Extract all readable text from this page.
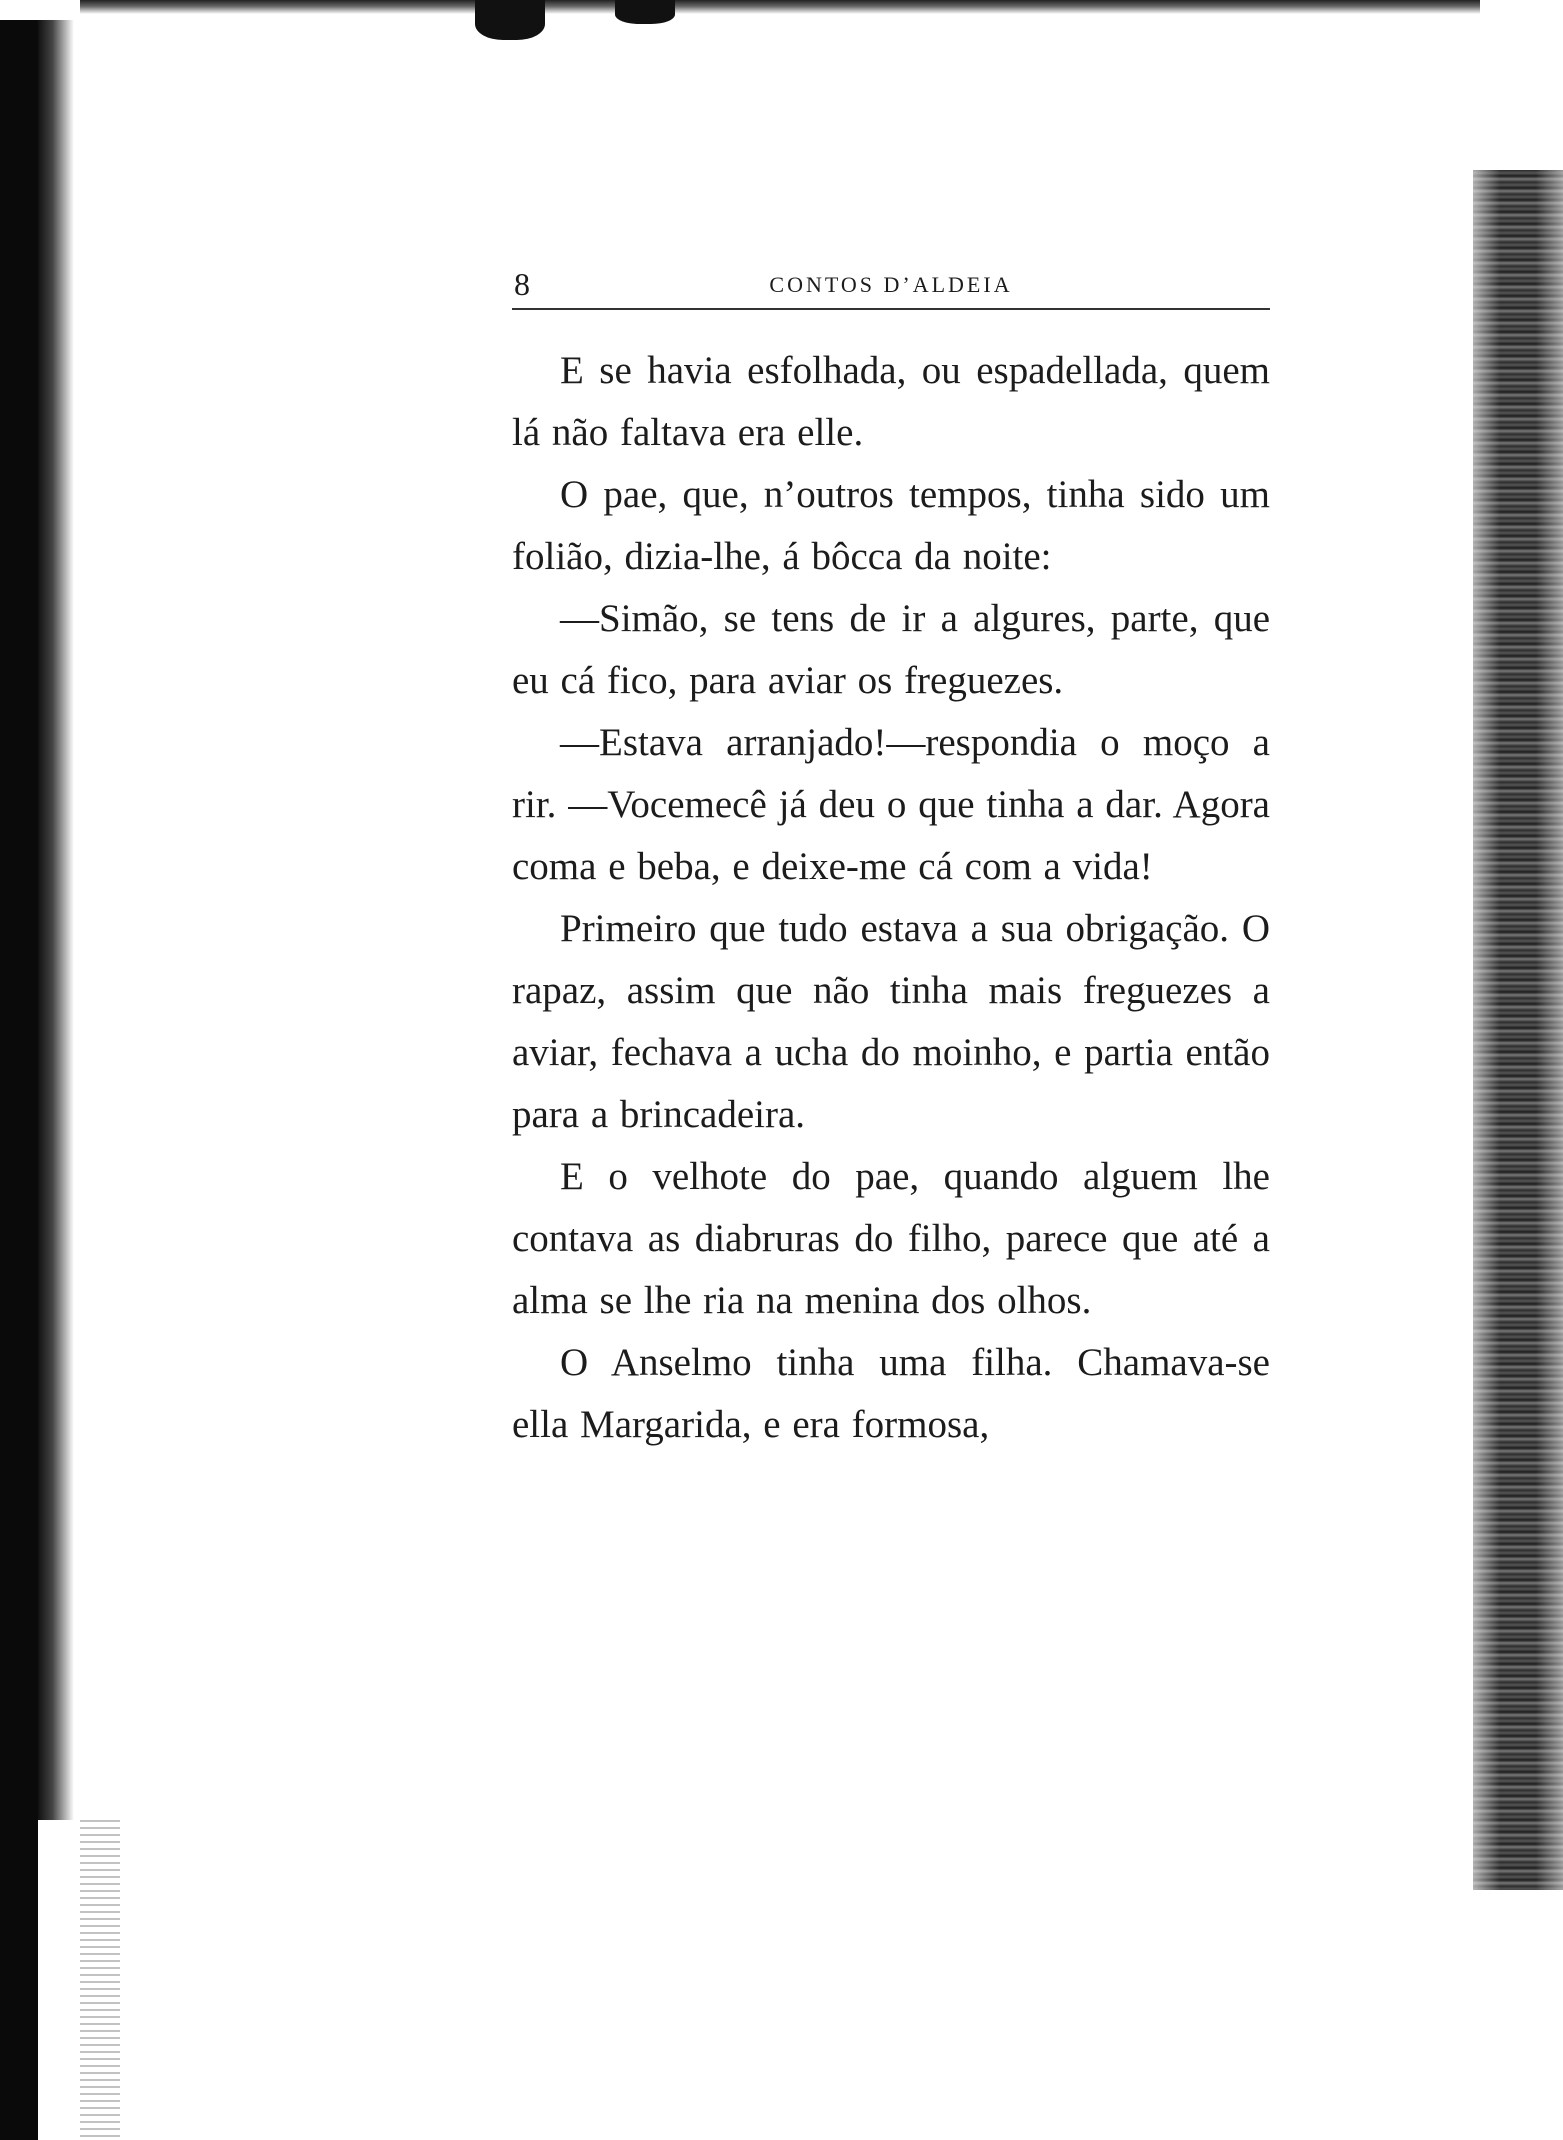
8	CONTOS D’ALDEIA

E se havia esfolhada, ou espadellada, quem lá não faltava era elle.

O pae, que, n’outros tempos, tinha sido um folião, dizia-lhe, á bôcca da noite:

—Simão, se tens de ir a algures, parte, que eu cá fico, para aviar os freguezes.

—Estava arranjado!—respondia o moço a rir. —Vocemecê já deu o que tinha a dar. Agora coma e beba, e deixe-me cá com a vida!

Primeiro que tudo estava a sua obrigação. O rapaz, assim que não tinha mais freguezes a aviar, fechava a ucha do moinho, e partia então para a brincadeira.

E o velhote do pae, quando alguem lhe contava as diabruras do filho, parece que até a alma se lhe ria na menina dos olhos.

O Anselmo tinha uma filha. Chamava-se ella Margarida, e era formosa,
